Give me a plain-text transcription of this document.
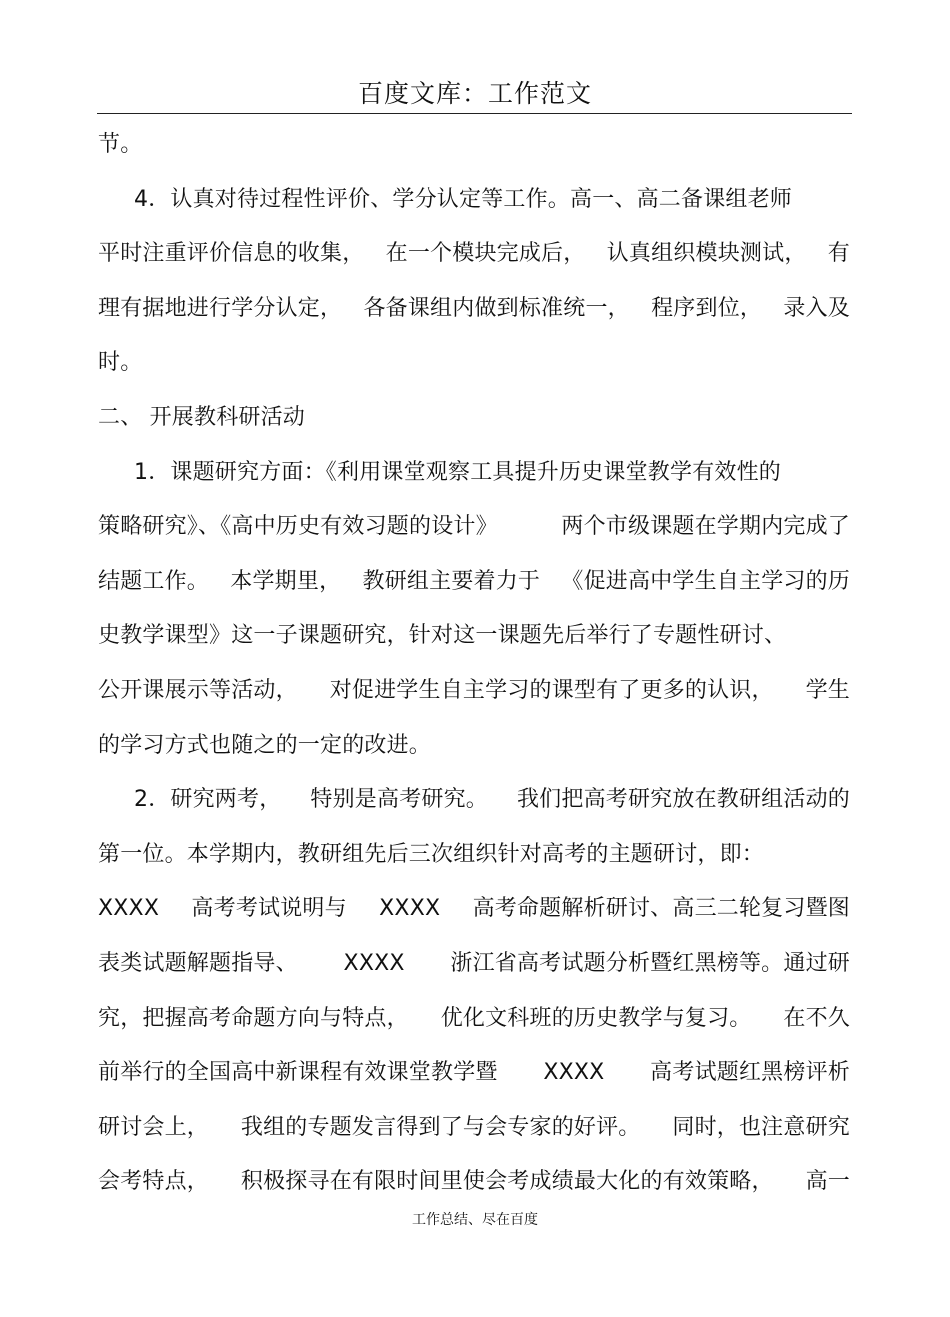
百度文库：工作范文
节。
4．认真对待过程性评价、学分认定等工作。高一、高二备课组老师
平时注重评价信息的收集， 在一个模块完成后， 认真组织模块测试， 有
理有据地进行学分认定， 各备课组内做到标准统一， 程序到位， 录入及
时。
二、 开展教科研活动
1．课题研究方面：《利用课堂观察工具提升历史课堂教学有效性的
策略研究》、《高中历史有效习题的设计》	两个市级课题在学期内完成了
结题工作。 本学期里， 教研组主要着力于 《促进高中学生自主学习的历
史教学课型》这一子课题研究，针对这一课题先后举行了专题性研讨、
公开课展示等活动， 对促进学生自主学习的课型有了更多的认识， 学生
的学习方式也随之的一定的改进。
2．研究两考， 特别是高考研究。 我们把高考研究放在教研组活动的
第一位。本学期内，教研组先后三次组织针对高考的主题研讨，即：
XXXX 高考考试说明与 XXXX 高考命题解析研讨、高三二轮复习暨图
表类试题解题指导、 XXXX 浙江省高考试题分析暨红黑榜等。通过研
究，把握高考命题方向与特点， 优化文科班的历史教学与复习。 在不久
前举行的全国高中新课程有效课堂教学暨 XXXX 高考试题红黑榜评析
研讨会上， 我组的专题发言得到了与会专家的好评。 同时，也注意研究
会考特点， 积极探寻在有限时间里使会考成绩最大化的有效策略， 高一
工作总结、尽在百度
